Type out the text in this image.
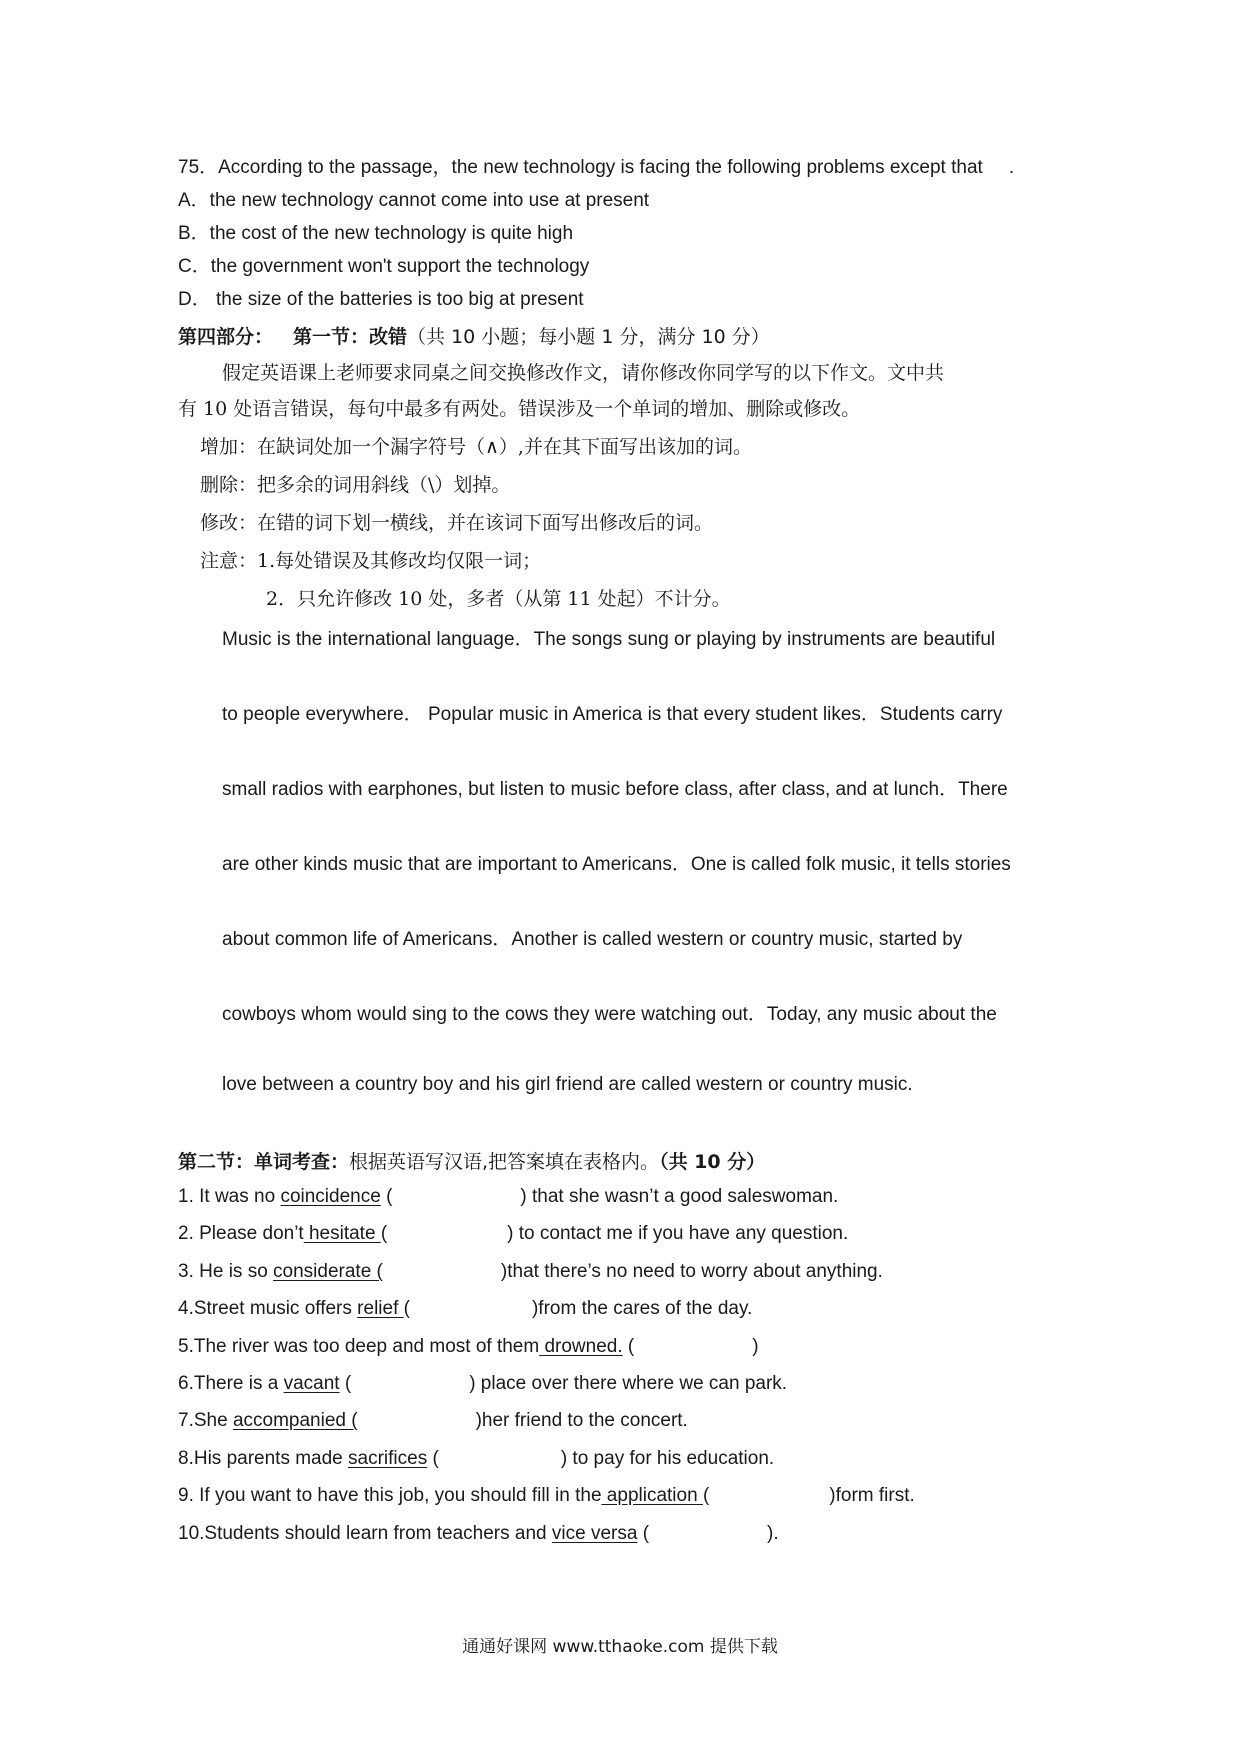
75．According to the passage，the new technology is facing the following problems except that .
A．the new technology cannot come into use at present
B．the cost of the new technology is quite high
C．the government won't support the technology
D． the size of the batteries is too big at present
第四部分： 第一节：改错（共 10 小题；每小题 1 分，满分 10 分）
假定英语课上老师要求同桌之间交换修改作文，请你修改你同学写的以下作文。文中共
有 10 处语言错误，每句中最多有两处。错误涉及一个单词的增加、删除或修改。
增加：在缺词处加一个漏字符号（∧）,并在其下面写出该加的词。
删除：把多余的词用斜线（\）划掉。
修改：在错的词下划一横线，并在该词下面写出修改后的词。
注意：1.每处错误及其修改均仅限一词；
2．只允许修改 10 处，多者（从第 11 处起）不计分。
Music is the international language．The songs sung or playing by instruments are beautiful
to people everywhere． Popular music in America is that every student likes．Students carry
small radios with earphones, but listen to music before class, after class, and at lunch．There
are other kinds music that are important to Americans．One is called folk music, it tells stories
about common life of Americans．Another is called western or country music, started by
cowboys whom would sing to the cows they were watching out．Today, any music about the
love between a country boy and his girl friend are called western or country music.
第二节：单词考查：根据英语写汉语,把答案填在表格内。（共 10 分）
1. It was no coincidence (	) that she wasn’t a good saleswoman.
2. Please don’t hesitate (	) to contact me if you have any question.
3. He is so considerate (	)that there’s no need to worry about anything.
4.Street music offers relief (	)from the cares of the day.
5.The river was too deep and most of them drowned. (	)
6.There is a vacant (	) place over there where we can park.
7.She accompanied (	)her friend to the concert.
8.His parents made sacrifices (	) to pay for his education.
9. If you want to have this job, you should fill in the application (	)form first.
10.Students should learn from teachers and vice versa (	).
通通好课网 www.tthaoke.com 提供下载
